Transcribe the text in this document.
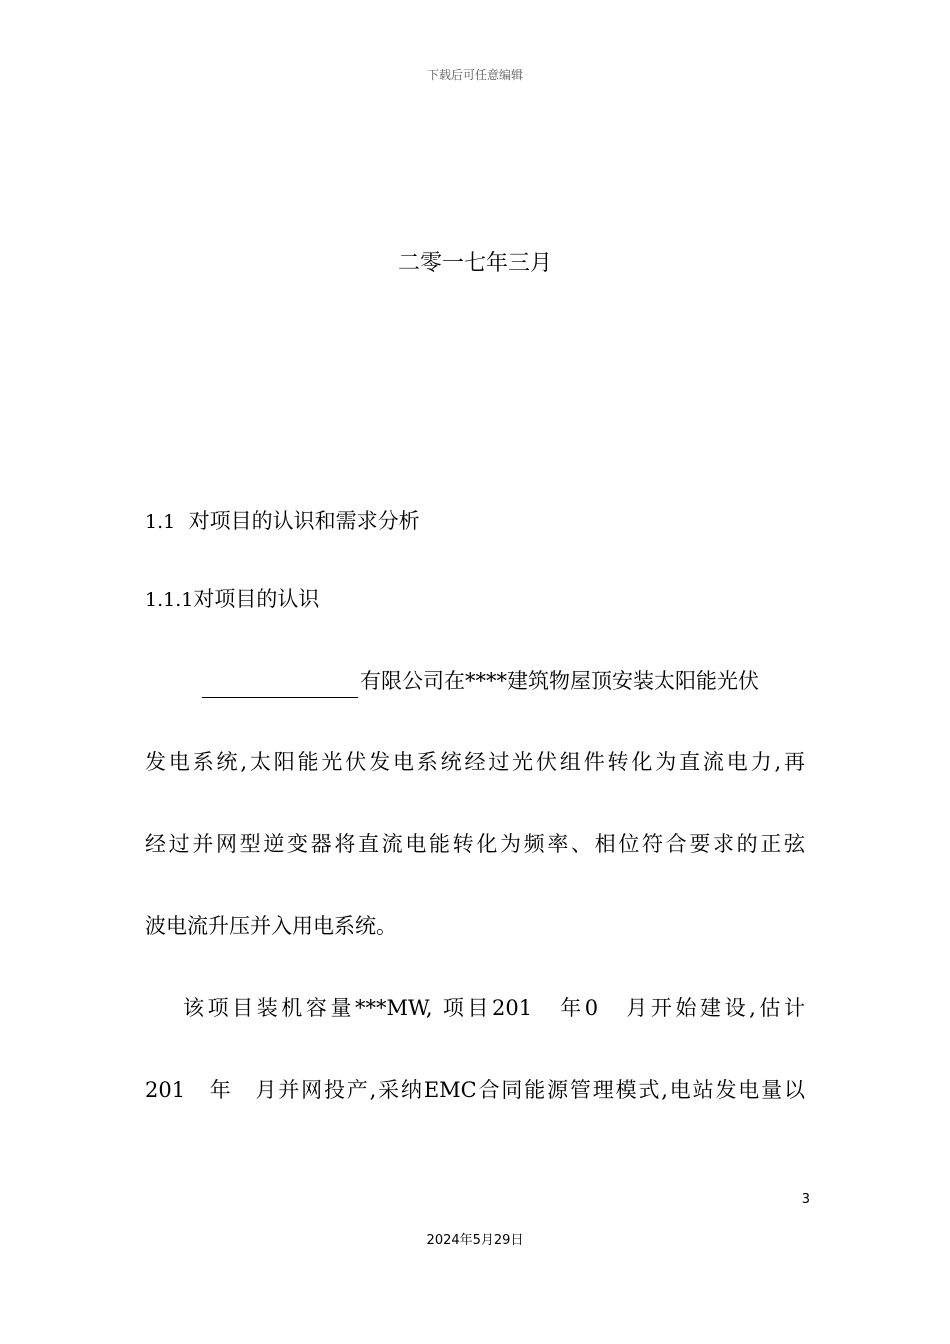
下载后可任意编辑
二零一七年三月
1.1 对项目的认识和需求分析
1.1.1对项目的认识
有限公司在****建筑物屋顶安装太阳能光伏
发电系统,太阳能光伏发电系统经过光伏组件转化为直流电力,再
经过并网型逆变器将直流电能转化为频率、相位符合要求的正弦
波电流升压并入用电系统。
该项目装机容量***MW, 项目201　年0　月开始建设,估计
201　年　月并网投产,采纳EMC合同能源管理模式,电站发电量以
3
2024年5月29日
